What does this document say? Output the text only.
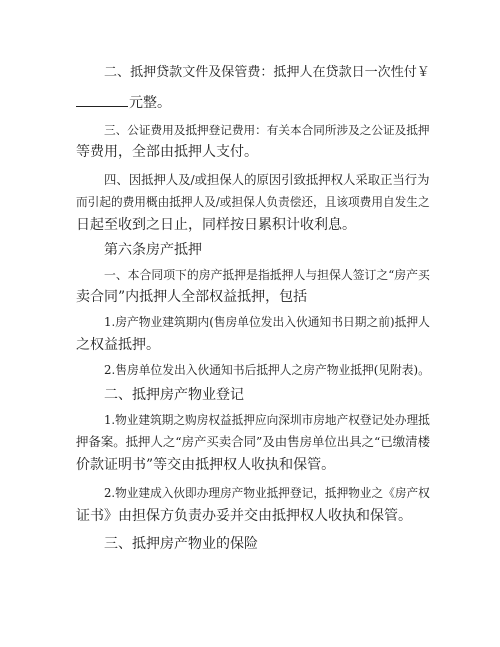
二、抵押贷款文件及保管费：抵押人在贷款日一次性付￥
元整。
三、公证费用及抵押登记费用：有关本合同所涉及之公证及抵押
等费用，全部由抵押人支付。
四、因抵押人及/或担保人的原因引致抵押权人采取正当行为
而引起的费用概由抵押人及/或担保人负责偿还，且该项费用自发生之
日起至收到之日止，同样按日累积计收利息。
第六条房产抵押
一、本合同项下的房产抵押是指抵押人与担保人签订之“房产买
卖合同”内抵押人全部权益抵押，包括
1.房产物业建筑期内(售房单位发出入伙通知书日期之前)抵押人
之权益抵押。
2.售房单位发出入伙通知书后抵押人之房产物业抵押(见附表)。
二、抵押房产物业登记
1.物业建筑期之购房权益抵押应向深圳市房地产权登记处办理抵
押备案。抵押人之“房产买卖合同”及由售房单位出具之“已缴清楼
价款证明书”等交由抵押权人收执和保管。
2.物业建成入伙即办理房产物业抵押登记，抵押物业之《房产权
证书》由担保方负责办妥并交由抵押权人收执和保管。
三、抵押房产物业的保险
